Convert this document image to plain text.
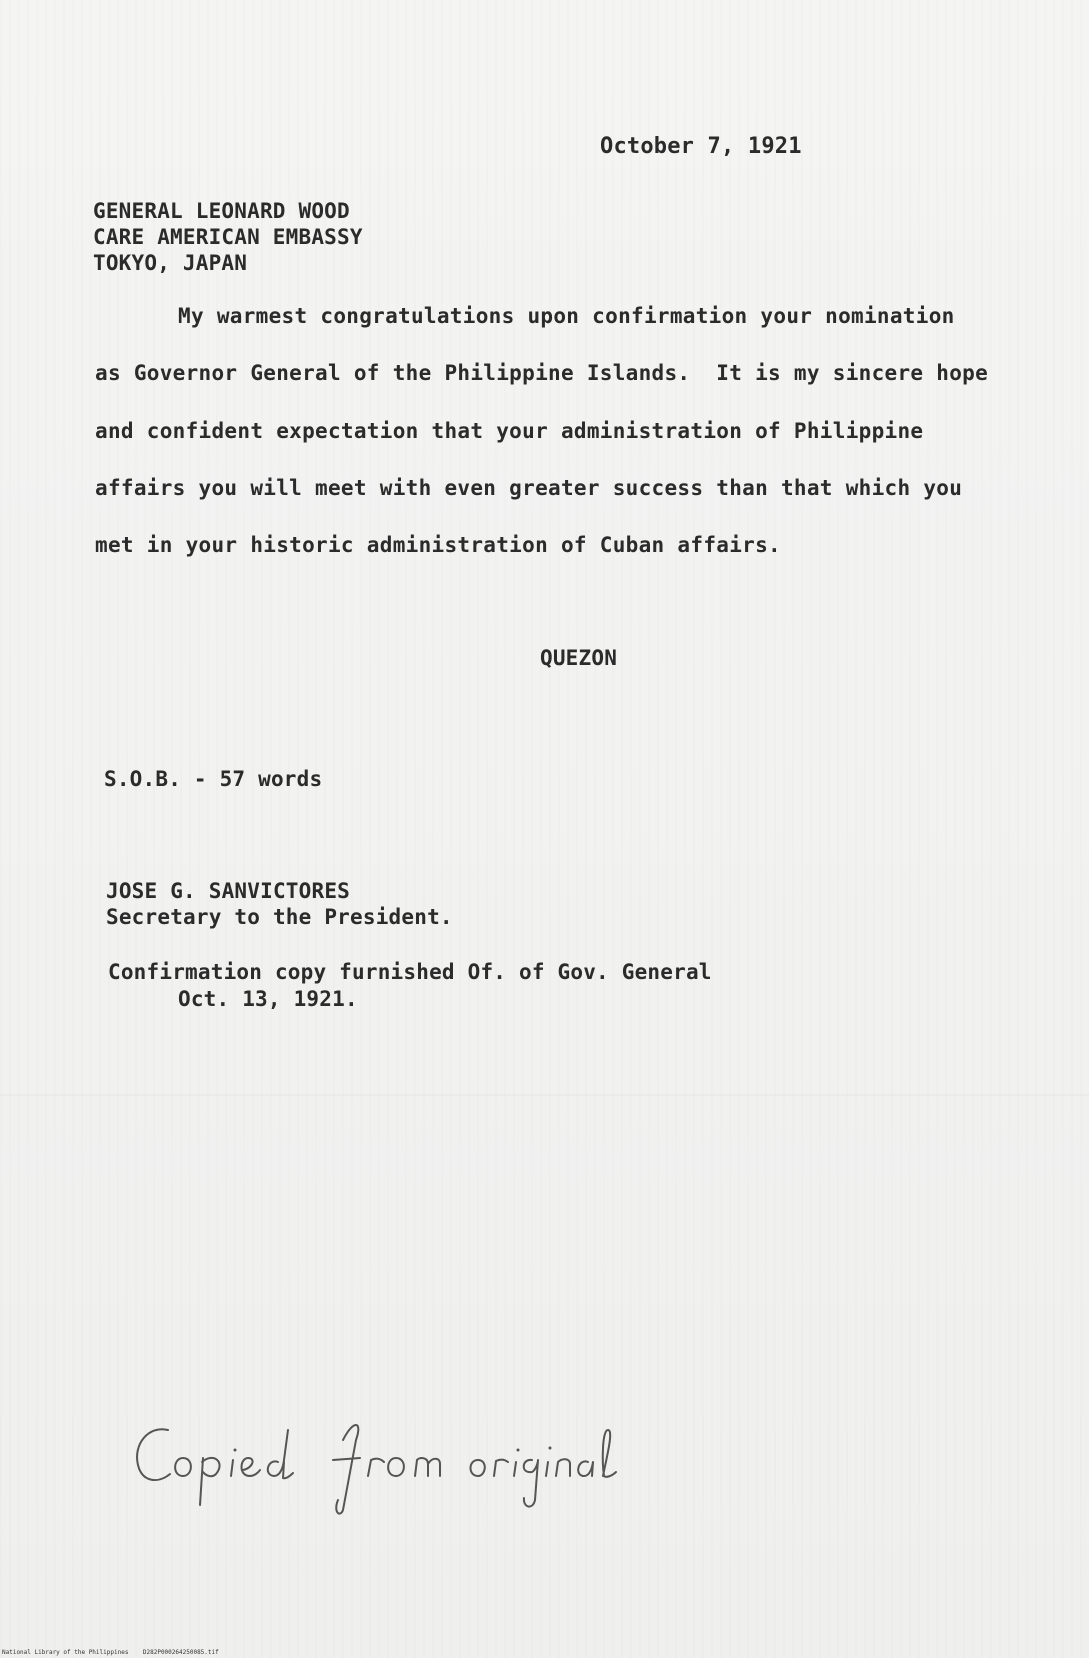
October 7, 1921
GENERAL LEONARD WOOD
CARE AMERICAN EMBASSY
TOKYO, JAPAN
My warmest congratulations upon confirmation your nomination
as Governor General of the Philippine Islands.  It is my sincere hope
and confident expectation that your administration of Philippine
affairs you will meet with even greater success than that which you
met in your historic administration of Cuban affairs.
QUEZON
S.O.B. - 57 words
JOSE G. SANVICTORES
Secretary to the President.
Confirmation copy furnished Of. of Gov. General
Oct. 13, 1921.
National Library of the Philippines    D282P000264250085.tif
